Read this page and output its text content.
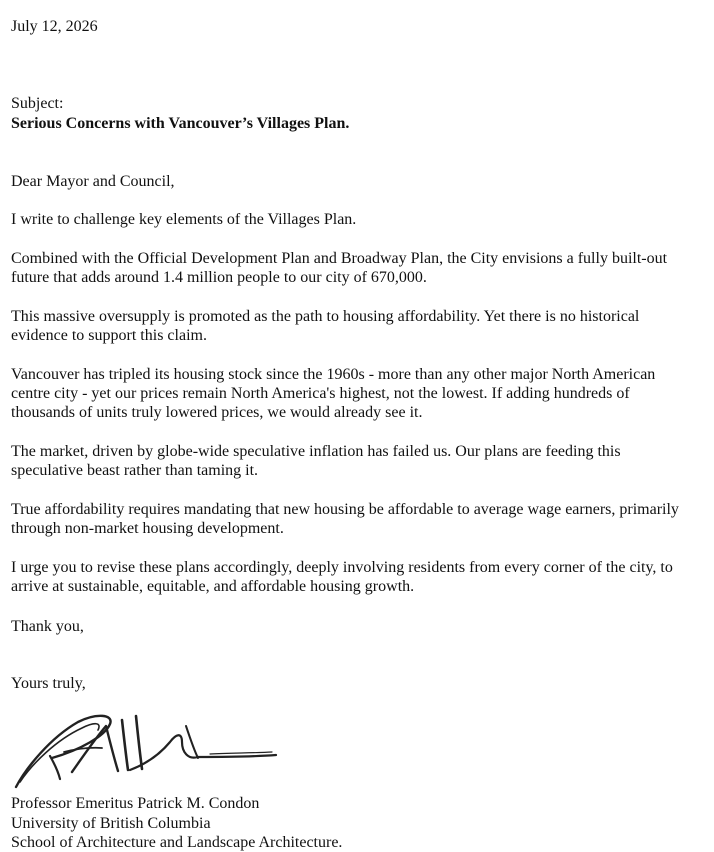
July 12, 2026
Subject:
Serious Concerns with Vancouver’s Villages Plan.
Dear Mayor and Council,
I write to challenge key elements of the Villages Plan.
Combined with the Official Development Plan and Broadway Plan, the City envisions a fully built-out future that adds around 1.4 million people to our city of 670,000.
This massive oversupply is promoted as the path to housing affordability. Yet there is no historical evidence to support this claim.
Vancouver has tripled its housing stock since the 1960s - more than any other major North American centre city - yet our prices remain North America's highest, not the lowest. If adding hundreds of thousands of units truly lowered prices, we would already see it.
The market, driven by globe-wide speculative inflation has failed us. Our plans are feeding this speculative beast rather than taming it.
True affordability requires mandating that new housing be affordable to average wage earners, primarily through non-market housing development.
I urge you to revise these plans accordingly, deeply involving residents from every corner of the city, to arrive at sustainable, equitable, and affordable housing growth.
Thank you,
Yours truly,
Professor Emeritus Patrick M. Condon
University of British Columbia
School of Architecture and Landscape Architecture.
